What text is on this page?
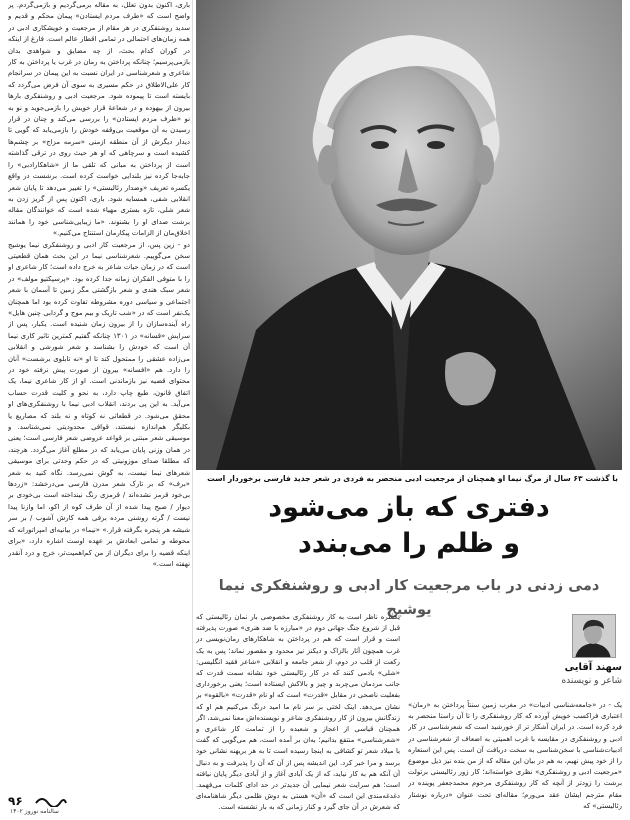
باری، اکنون بدون تعلل، به مقاله برمی‌گردیم و بازمی‌گردم. پر واضح است که «طرف مردم ایستادن» پیمان محکم و قدیم و سدید روشنفکری در هر مقام از مرجعیت و خویشکاری ادبی در همه زمان‌های احتمالی در تمامی اقطار عالم است. فارغ از اینکه در کوران کدام بحث، از چه مضایق و شواهدی بدان بازمی‌پرسیم؛ چنانکه پرداختن به رمان در غرب یا پرداختن به کار شاعری و شعرشناسی در ایران نسبت به این پیمان در سرانجام کار علی‌الاطلاق در حکم مسیری به سوی آن فرض می‌گردد که بایسته است تا پیموده شود. مرجعیت ادبی و روشنفکری بارها بیرون از بیهوده و در شعاعهٔ قرار خویش را بازمی‌جوید و نو به نو «طرف مردم ایستادن» را بررسی می‌کند و چنان در قرار رسیدن به آن موقعیت بی‌وقفه خودش را بازمی‌یابد که گویی تا دیدار دیگرش از آن منطقه ازمنی «سرمه مزاج» بر چشم‌ها کشیده است و سرچاهی که او هر حیث روی در ترقی گذاشته است از پرداختن به مبانی که تلقی ما از «شاهکارادبی» را جابه‌جا کرده نیز بلندایی خواست کرده است. برشست در واقع یکسره تعریف «وضدار رئالیستی» را تغییر می‌دهد تا پایان شعر انقلابی شفی، همسایه شود. باری، اکنون پس از گریز زدن به شعر شلی، تازه بستری مهیاء شده است که خوانندگان مقاله برشت صدای او را بشنوند. «ما زیبایی‌شناسی خود را همانند اخلاق‌مان از الزامات پیکارمان استنتاج می‌کنیم.»

دو - زین پس، از مرجعیت کار ادبی و روشنفکری نیما یوشیج سخن می‌گوییم. شعرشناسی نیما در این بحث همان قطعیتی است که در زمان حیات شاعر به خرج داده است؛ کار شاعری او را با متوفی الفکران زمانه جدا کرده بود. «پرسپکتیو مولف» در شعر سبک هندی و شعر بازگشتی مگر زمین تا آسمان با شعر اجتماعی و سیاسی دوره مشروطه تفاوت کرده بود اما همچنان یک‌نفر است که در «شب تاریک و بیم موج و گردابی چنین هایل» راه آینده‌سازان را از بیرون زمان شنیده است. یکبار، پس از سرایش «قسانه» در ۱۳۰۱ چنانکه گفتیم کمترین تاثیر کاری نیما آن است که خودش را بشناسد و شعر شورشی و انقلابی می‌زاده عشقی را ممتحول کند تا او «نه تابلوی برشست» آنان را دارد. هم «افسانه» بیرون از صورت پیش نرفته خود در محتوای قضیه نیز بازماندنی است. او از کار شاعری نیما، یک اتفاق قانون، طبع چاپ دارد، به نحو و کلیت قدرت حساب می‌آید. به این پی بردند، انقلاب ادبی نیما با روشنفکری‌های او محقق می‌شود. در قطعاتی نه کوتاه و نه بلند که مصاریع یا بکلیگر هم‌اندازه نیستند، قوافی محدودیتی نمی‌شناسد. و موسیقی شعر مبتنی بر قواعد عروضی شعر فارسی است؛ یعنی در همان وزنی پایان می‌یابد که در مطلع آغاز می‌گردد. هرچند، که مطلقا صدای موزونیتی که در حکم وحدتی برای موسیقی شعرهای نیما نیست، به گوش نمی‌رسد. نگاه کنید به شعر «برف» که بر تارک شعر مدرن فارسی می‌درخشد: «زردها بی‌خود قرمز نشده‌اند / قرمزی رنگ نینداخته است بی‌خودی بر دیوار / صبح پیدا شده از آن طرف کوه از اکو، اما وازنا پیدا نیست / گرته روشنی مرده برفی همه کارش آشوب / بر سر شیشه هر پنجره بگرفته قرار.» «نیما» در بیانیه‌ای امپراتورانه که محوطه و تمامی ابعادش بر عهده اوست اشاره دارد، «برای اینکه قضیه را برای دیگران از من کم‌اهمیت‌تر، خرج و درد آنقدر نهفته است.»

با گذشت ۶۳ سال از مرگ نیما او همچنان از مرجعیت ادبی منحصر به فردی در شعر جدید فارسی برخوردار است
دفتری که باز می‌شود
و ظلم را می‌بندد
دمی زدنی در باب مرجعیت کار ادبی و روشنفکری نیما یوشیج
سهند آقایی
شاعر و نویسنده
یکسره ناظر است به کار روشنفکری مخصوصی بار نمان رئالیستی که قبل از شروع جنگ جهانی دوم در «مبارزه با ضد هنری» صورت پذیرفته است و قرار است که هم در پرداختن به شاهکارهای رمان‌نویسی در غرب همچون آثار بالزاک و دیکنز نیز محدود و مقصور نماند؛ پس به یک رکعت از قلب در دوم، از شعر جامعه و انقلابی «شاعر فقید انگلیسی: «شلی» یادمی کنند که در کار رئالیستی خود نشانه سمت قدرت که جانب مردمان می‌چربد و چیز و بالاکش ایستاده است؛ یعنی برخورداری بفعلیت ناصحی در مقابل «قدرت» است که او نام «قدرت» «بالقوه» بر نشان می‌دهد. اینک لختی بر سر نام ما امید درنگ می‌کنیم هم او که زندگانش بیرون از کار روشنفکری شاعر و نویسنده‌اش معنا نمی‌شد، اگر همچنان قیاسی از اعجاز و شعبده را از تمامت کار شاعری و «شعرشناسی» منتفع بدانیم؛ به‌ان بر آمده است، هم می‌گویی که گفت با میلاد شعر تو کشافی به اینجا رسیده است تا به هر بریهنه نشانی خود برسد و مرا خبر کرد. این اندیشه پس از آن که آن را پذیرفت و به دنبال آن آنکه هم به کار نیاید، که از یک آبادی آغاز و از آبادی دیگر پایان نیافته است؛ هم سرایت شعر نیمایی آن جدیدتر در حد ادای کلمات می‌فهمد. دغدغه‌مندی این است که «آن» هستی به دوش ظلمی دیگر شاهنامه‌ای که شعرش در آن جای گیرد و کنار زمانی که به بار نشسته است.
یک - در «جامعه‌شناسی ادبیات» در مغرب زمین سنتاً پرداختن به «رمان» اعتباری فراکسب خویش آورده که کار روشنفکری را تا آن راستا منحصر به فرد کرده است. در ایران آشکار تر از خورشید است که شعرشناسی در کار ادبی و روشنفکری در مقایسه با غرب اهمیتی به اضعاف از شعرشناسی در ادبیات‌شناسی با سخن‌شناسی به سخت دریافت آن است. پس این استعاره را از خود پیش نهیم، به هم در بیان این مقاله که از من بنده نیز ذیل موضوع «مرجعیت ادبی و روشنفکری» نظری خواسته‌اند؛ کار زور رئالیستی برتولت برشت را زودتر از آنچه که کار روشنفکری مرحوم محمدجعفر پوینده در مقام مترجم ایشان عقد می‌ورم؛ مقاله‌ای تحت عنوان «درباره نوشتار رئالیستی» که
۹۶
سالنامه نوروز ۱۴۰۲
